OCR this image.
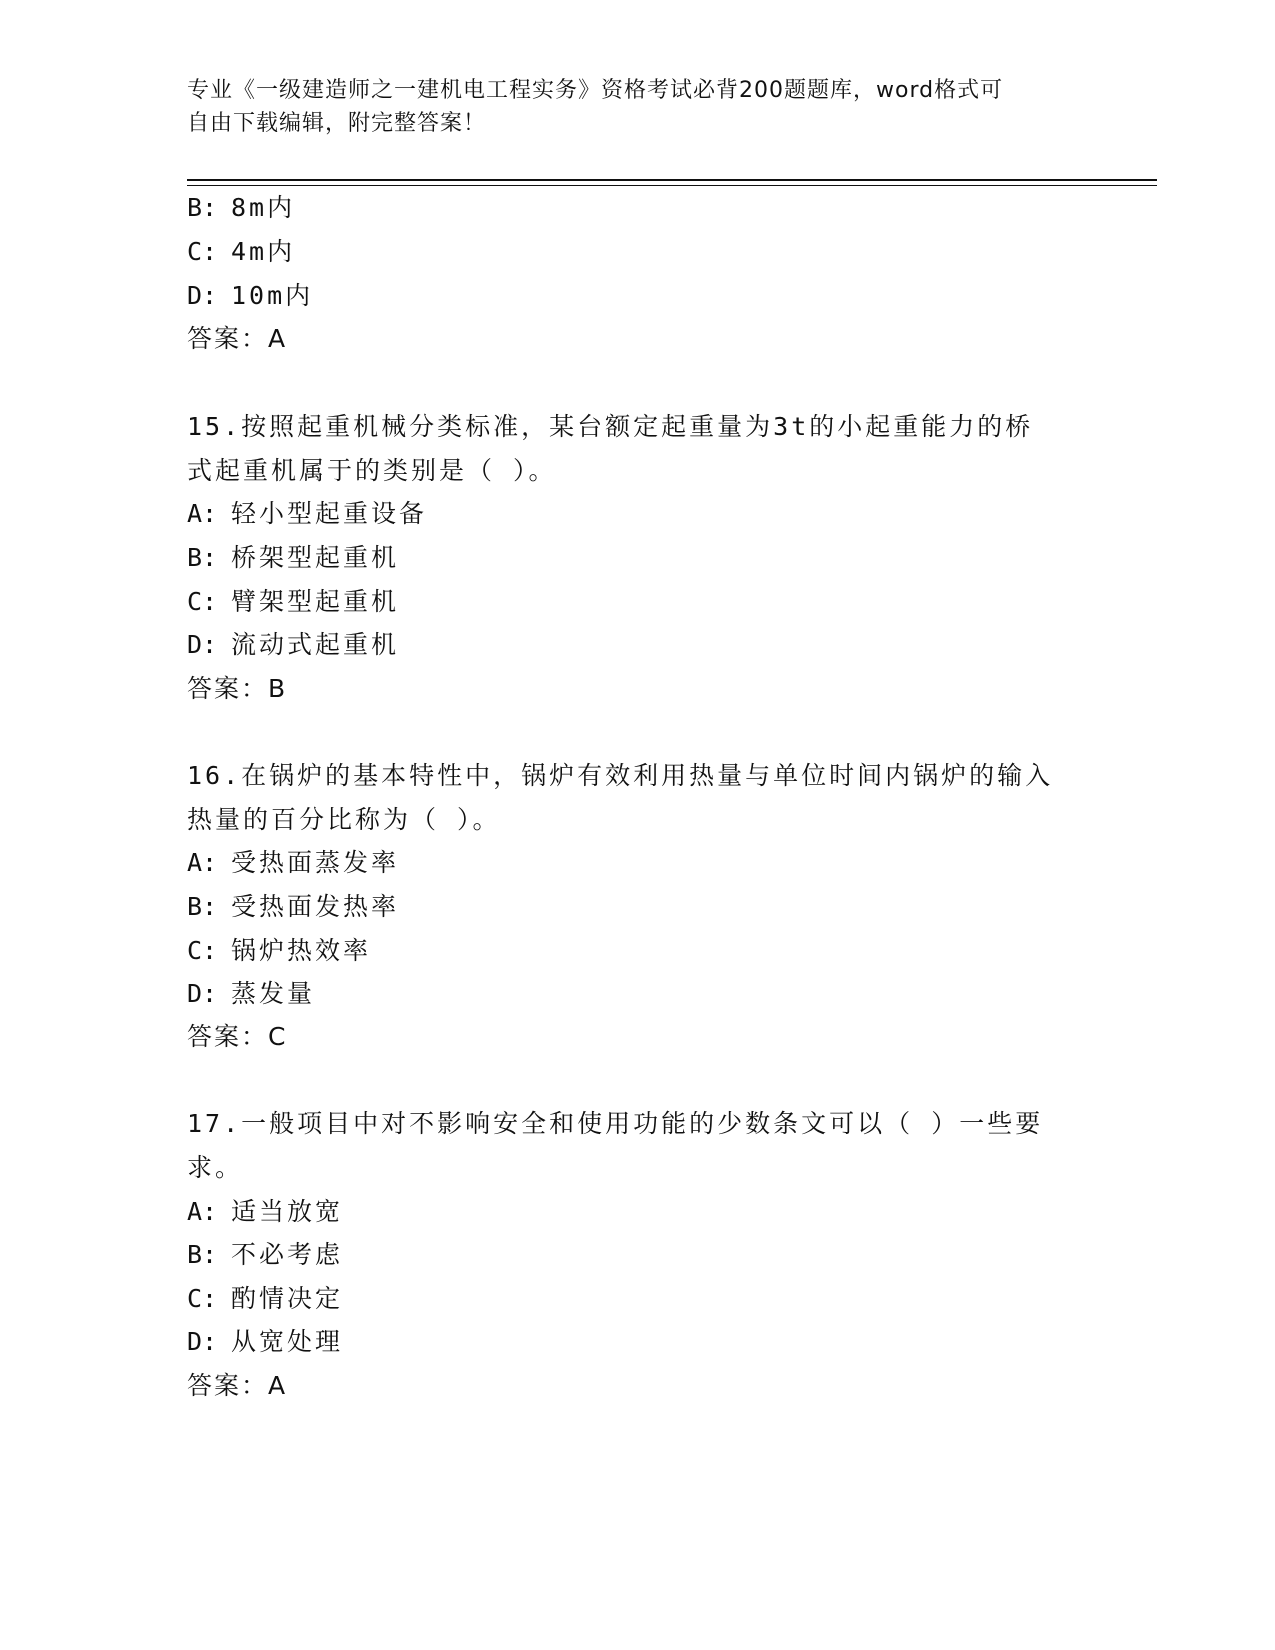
专业《一级建造师之一建机电工程实务》资格考试必背200题题库，word格式可
自由下载编辑，附完整答案！
B: 8m内
C: 4m内
D: 10m内
答案：A
15.按照起重机械分类标准，某台额定起重量为3t的小起重能力的桥
式起重机属于的类别是（ ）。
A: 轻小型起重设备
B: 桥架型起重机
C: 臂架型起重机
D: 流动式起重机
答案：B
16.在锅炉的基本特性中，锅炉有效利用热量与单位时间内锅炉的输入
热量的百分比称为（ ）。
A: 受热面蒸发率
B: 受热面发热率
C: 锅炉热效率
D: 蒸发量
答案：C
17.一般项目中对不影响安全和使用功能的少数条文可以（ ）一些要
求。
A: 适当放宽
B: 不必考虑
C: 酌情决定
D: 从宽处理
答案：A
